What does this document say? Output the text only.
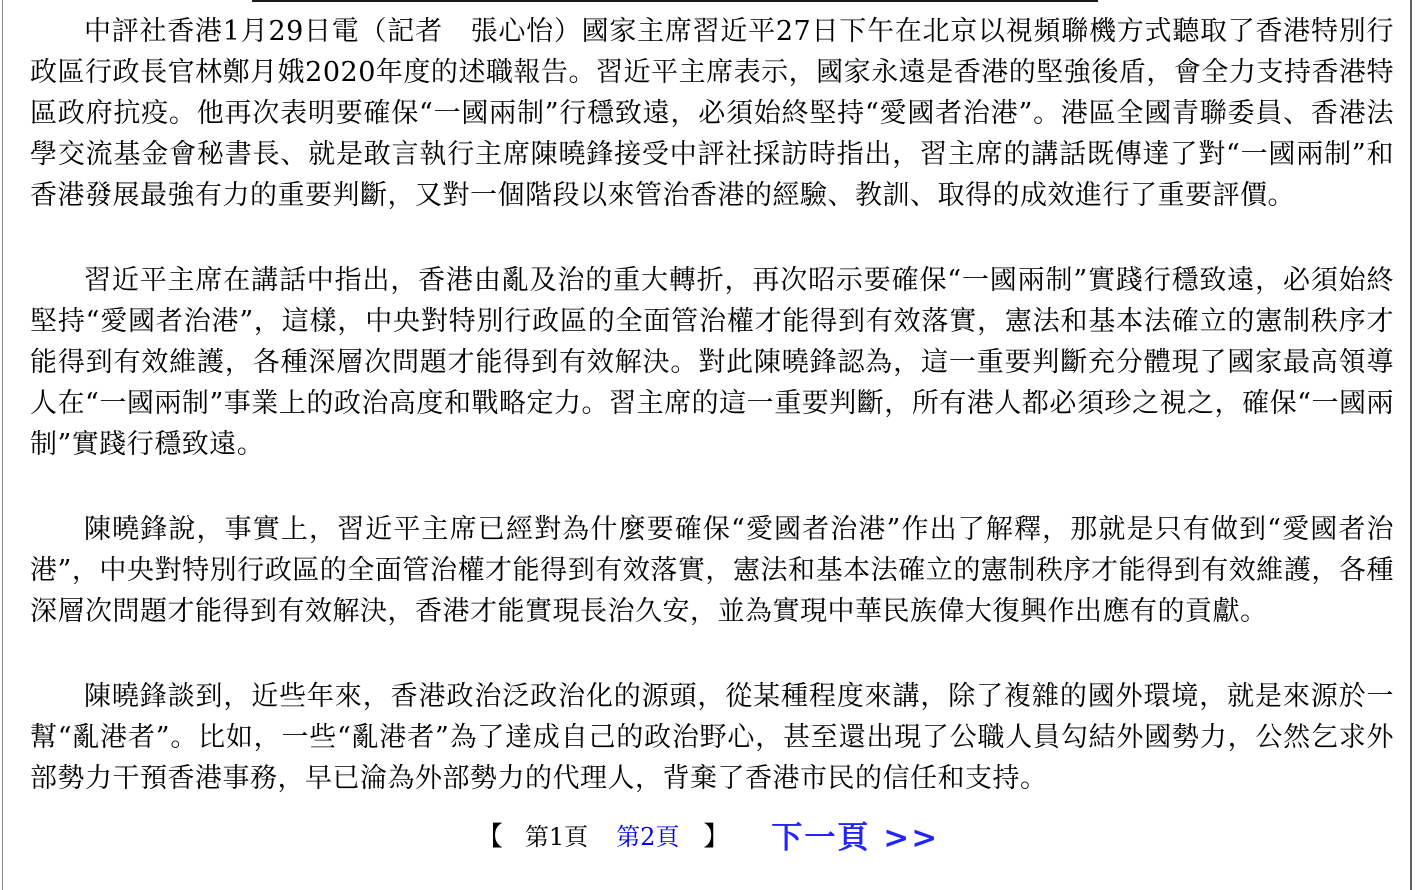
中評社香港1月29日電（記者　張心怡）國家主席習近平27日下午在北京以視頻聯機方式聽取了香港特別行政區行政長官林鄭月娥2020年度的述職報告。習近平主席表示，國家永遠是香港的堅強後盾，會全力支持香港特區政府抗疫。他再次表明要確保“一國兩制”行穩致遠，必須始終堅持“愛國者治港”。港區全國青聯委員、香港法學交流基金會秘書長、就是敢言執行主席陳曉鋒接受中評社採訪時指出，習主席的講話既傳達了對“一國兩制”和香港發展最強有力的重要判斷，又對一個階段以來管治香港的經驗、教訓、取得的成效進行了重要評價。

習近平主席在講話中指出，香港由亂及治的重大轉折，再次昭示要確保“一國兩制”實踐行穩致遠，必須始終堅持“愛國者治港”，這樣，中央對特別行政區的全面管治權才能得到有效落實，憲法和基本法確立的憲制秩序才能得到有效維護，各種深層次問題才能得到有效解決。對此陳曉鋒認為，這一重要判斷充分體現了國家最高領導人在“一國兩制”事業上的政治高度和戰略定力。習主席的這一重要判斷，所有港人都必須珍之視之，確保“一國兩制”實踐行穩致遠。

陳曉鋒說，事實上，習近平主席已經對為什麼要確保“愛國者治港”作出了解釋，那就是只有做到“愛國者治港”，中央對特別行政區的全面管治權才能得到有效落實，憲法和基本法確立的憲制秩序才能得到有效維護，各種深層次問題才能得到有效解決，香港才能實現長治久安，並為實現中華民族偉大復興作出應有的貢獻。

陳曉鋒談到，近些年來，香港政治泛政治化的源頭，從某種程度來講，除了複雜的國外環境，就是來源於一幫“亂港者”。比如，一些“亂港者”為了達成自己的政治野心，甚至還出現了公職人員勾結外國勢力，公然乞求外部勢力干預香港事務，早已淪為外部勢力的代理人，背棄了香港市民的信任和支持。

【 第1頁 第2頁 】 下一頁 >>
